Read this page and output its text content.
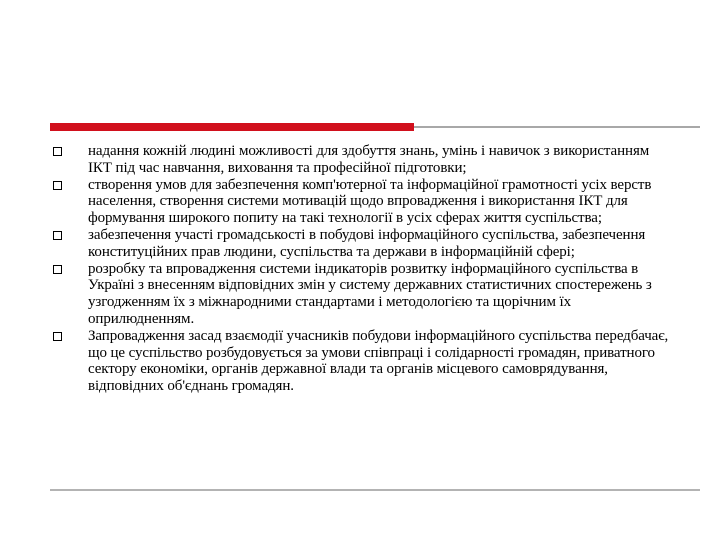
надання кожній людині можливості для здобуття знань, умінь і навичок з використанням ІКТ під час навчання, виховання та професійної підготовки;
створення умов для забезпечення комп'ютерної та інформаційної грамотності усіх верств населення, створення системи мотивацій щодо впровадження і використання ІКТ для формування широкого попиту на такі технології в усіх сферах життя суспільства;
забезпечення участі громадськості в побудові інформаційного суспільства, забезпечення конституційних прав людини, суспільства та держави в інформаційній сфері;
розробку та впровадження системи індикаторів розвитку інформаційного суспільства в Україні з внесенням відповідних змін у систему державних статистичних спостережень з узгодженням їх з міжнародними стандартами і методологією та щорічним їх оприлюдненням.
Запровадження засад взаємодії учасників побудови інформаційного суспільства передбачає, що це суспільство розбудовується за умови співпраці і солідарності громадян, приватного сектору економіки, органів державної влади та органів місцевого самоврядування, відповідних об'єднань громадян.
